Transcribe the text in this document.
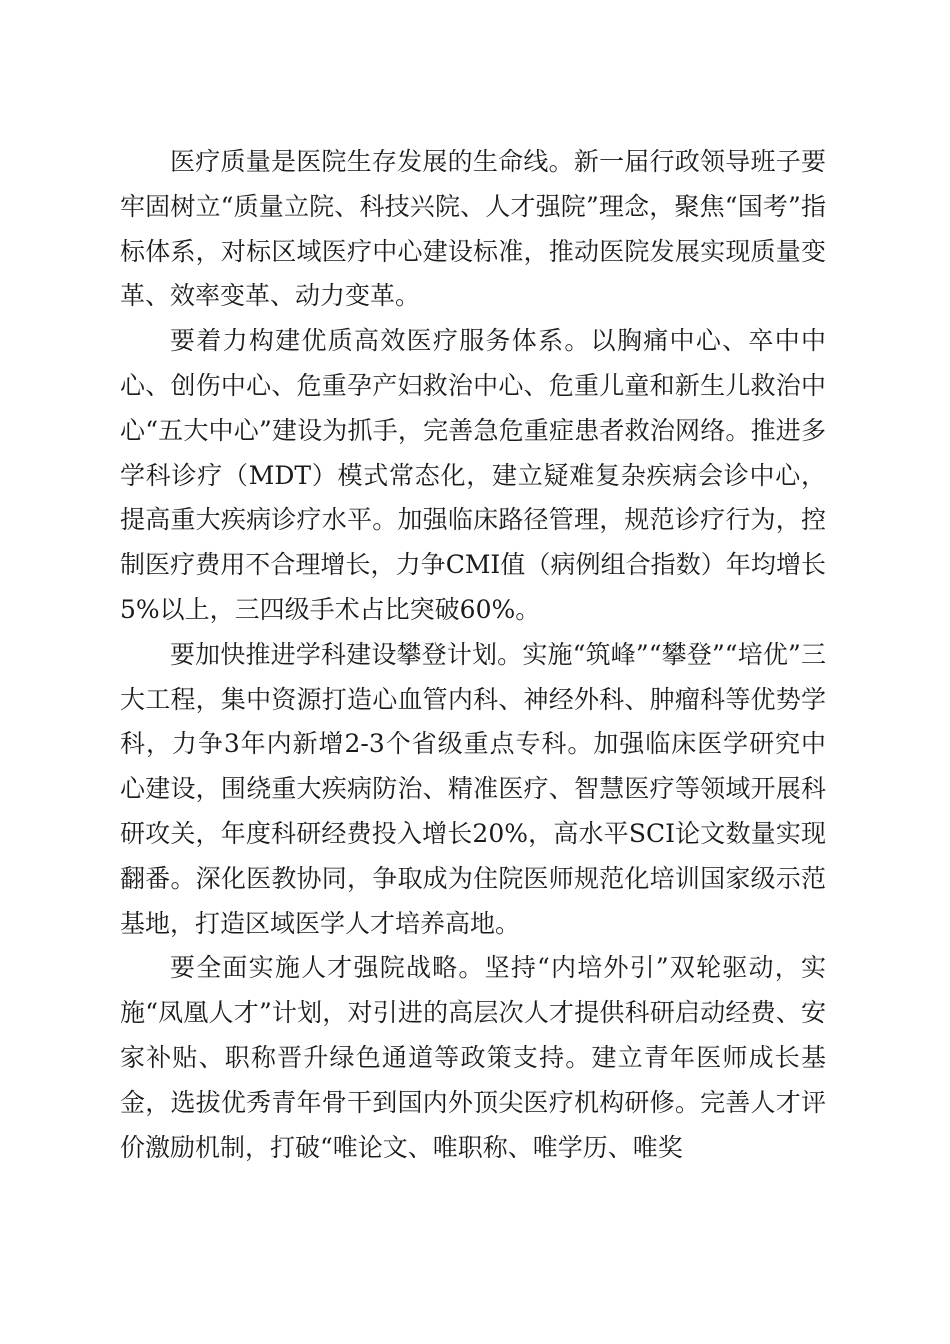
医疗质量是医院生存发展的生命线。新一届行政领导班子要牢固树立“质量立院、科技兴院、人才强院”理念，聚焦“国考”指标体系，对标区域医疗中心建设标准，推动医院发展实现质量变革、效率变革、动力变革。

要着力构建优质高效医疗服务体系。以胸痛中心、卒中中心、创伤中心、危重孕产妇救治中心、危重儿童和新生儿救治中心“五大中心”建设为抓手，完善急危重症患者救治网络。推进多学科诊疗（MDT）模式常态化，建立疑难复杂疾病会诊中心，提高重大疾病诊疗水平。加强临床路径管理，规范诊疗行为，控制医疗费用不合理增长，力争CMI值（病例组合指数）年均增长5%以上，三四级手术占比突破60%。

要加快推进学科建设攀登计划。实施“筑峰”“攀登”“培优”三大工程，集中资源打造心血管内科、神经外科、肿瘤科等优势学科，力争3年内新增2-3个省级重点专科。加强临床医学研究中心建设，围绕重大疾病防治、精准医疗、智慧医疗等领域开展科研攻关，年度科研经费投入增长20%，高水平SCI论文数量实现翻番。深化医教协同，争取成为住院医师规范化培训国家级示范基地，打造区域医学人才培养高地。

要全面实施人才强院战略。坚持“内培外引”双轮驱动，实施“凤凰人才”计划，对引进的高层次人才提供科研启动经费、安家补贴、职称晋升绿色通道等政策支持。建立青年医师成长基金，选拔优秀青年骨干到国内外顶尖医疗机构研修。完善人才评价激励机制，打破“唯论文、唯职称、唯学历、唯奖
